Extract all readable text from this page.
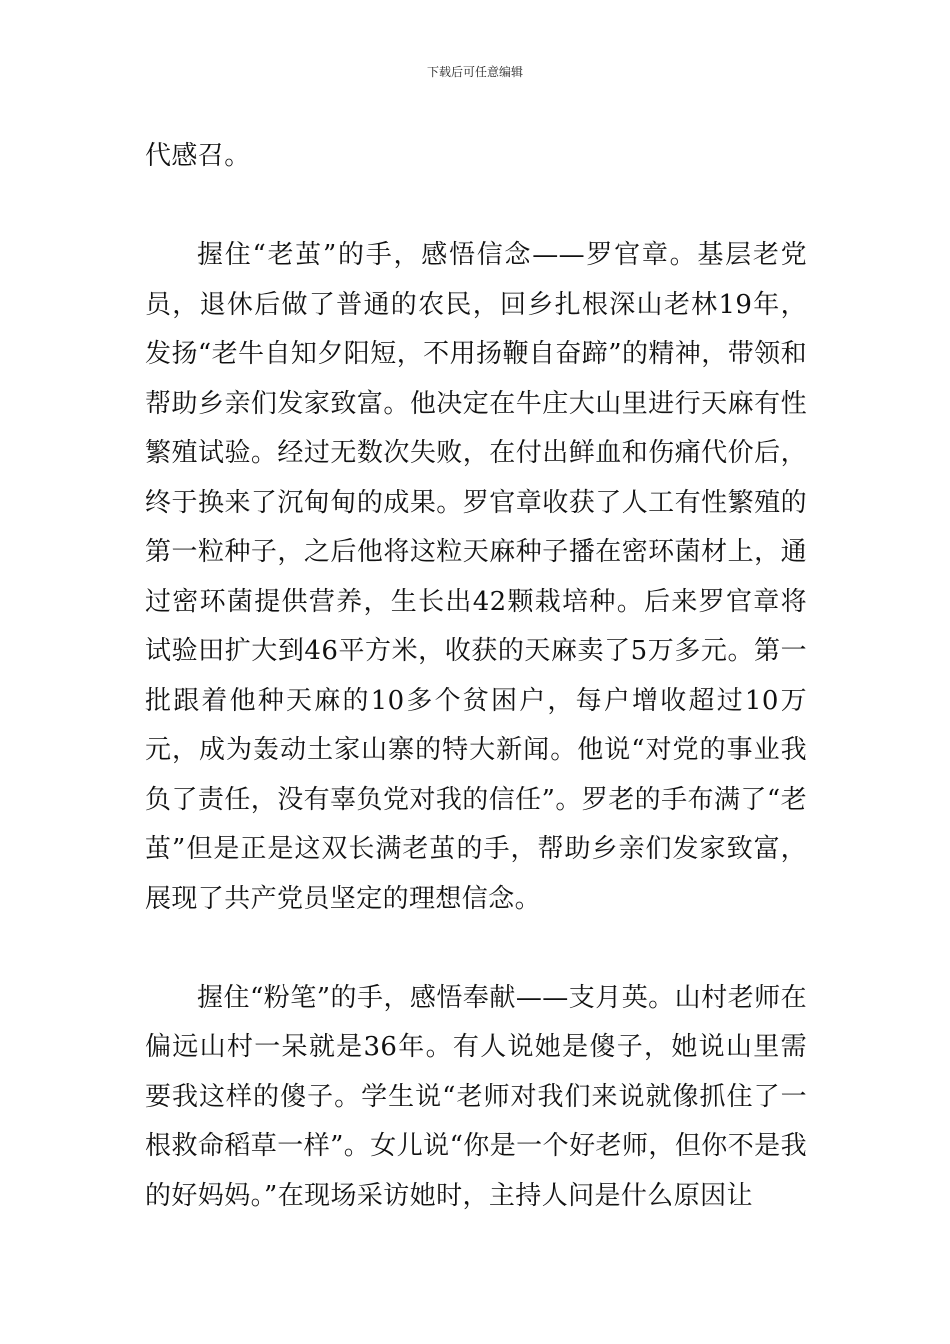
下载后可任意编辑

代感召。

握住“老茧”的手，感悟信念——罗官章。基层老党员，退休后做了普通的农民，回乡扎根深山老林19年，发扬“老牛自知夕阳短，不用扬鞭自奋蹄”的精神，带领和帮助乡亲们发家致富。他决定在牛庄大山里进行天麻有性繁殖试验。经过无数次失败，在付出鲜血和伤痛代价后，终于换来了沉甸甸的成果。罗官章收获了人工有性繁殖的第一粒种子，之后他将这粒天麻种子播在密环菌材上，通过密环菌提供营养，生长出42颗栽培种。后来罗官章将试验田扩大到46平方米，收获的天麻卖了5万多元。第一批跟着他种天麻的10多个贫困户，每户增收超过10万元，成为轰动土家山寨的特大新闻。他说“对党的事业我负了责任，没有辜负党对我的信任”。罗老的手布满了“老茧”但是正是这双长满老茧的手，帮助乡亲们发家致富，展现了共产党员坚定的理想信念。

握住“粉笔”的手，感悟奉献——支月英。山村老师在偏远山村一呆就是36年。有人说她是傻子，她说山里需要我这样的傻子。学生说“老师对我们来说就像抓住了一根救命稻草一样”。女儿说“你是一个好老师，但你不是我的好妈妈。”在现场采访她时，主持人问是什么原因让
